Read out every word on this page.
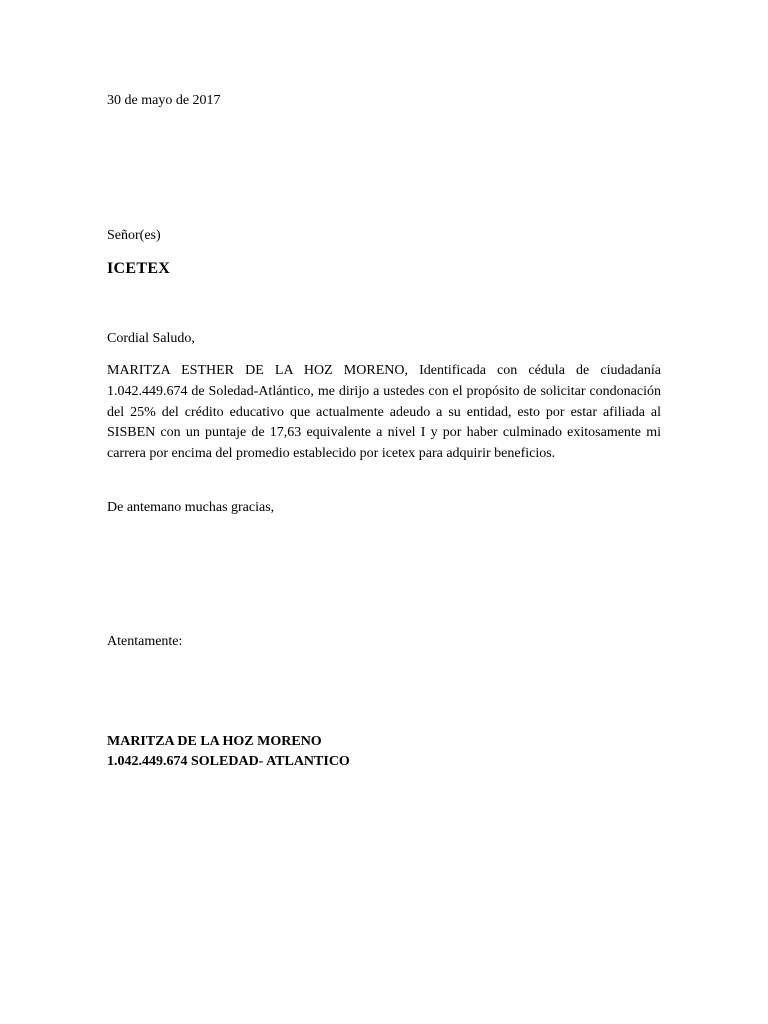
30 de mayo de 2017
Señor(es)
ICETEX
Cordial Saludo,
MARITZA ESTHER DE LA HOZ MORENO, Identificada con cédula de ciudadanía 1.042.449.674 de Soledad-Atlántico, me dirijo a ustedes con el propósito de solicitar condonación del 25% del crédito educativo que actualmente adeudo a su entidad, esto por estar afiliada al SISBEN con un puntaje de 17,63 equivalente a nivel I y por haber culminado exitosamente mi carrera por encima del promedio establecido por icetex para adquirir beneficios.
De antemano muchas gracias,
Atentamente:
MARITZA DE LA HOZ MORENO
1.042.449.674 SOLEDAD- ATLANTICO
